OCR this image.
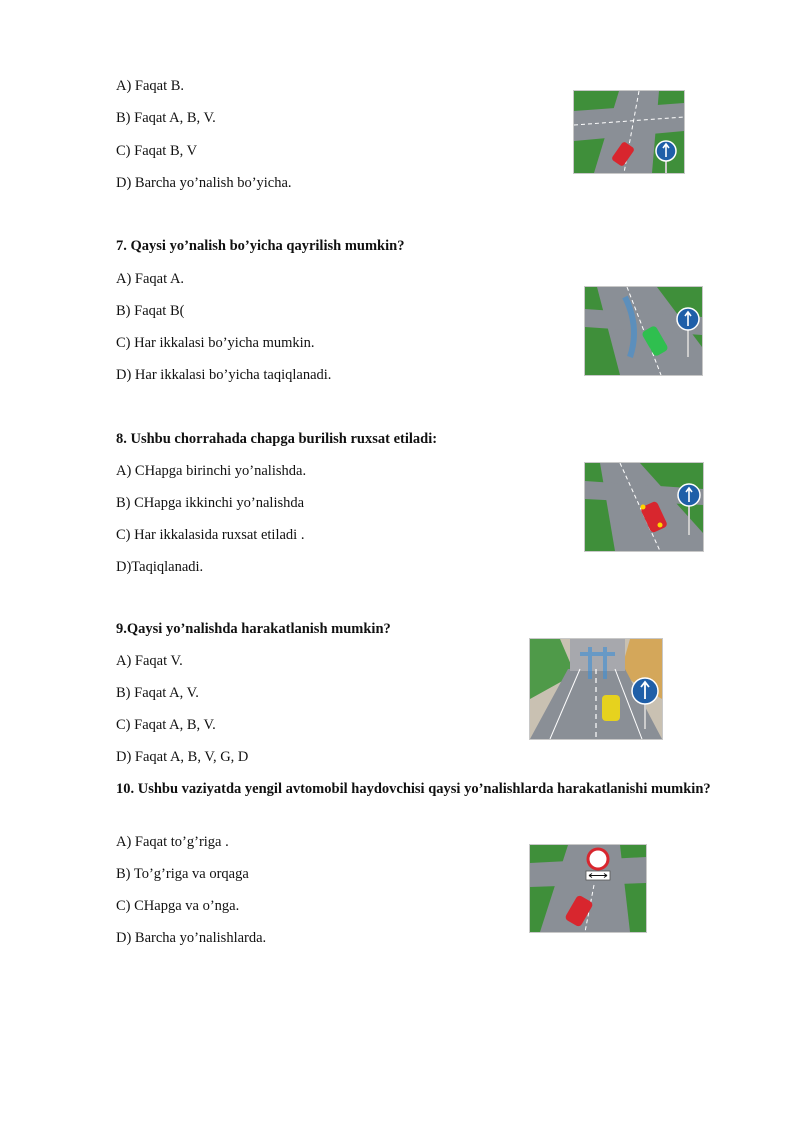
A) Faqat B.
B) Faqat A, B, V.
C) Faqat B, V
D) Barcha yo’nalish bo’yicha.
7. Qaysi yo’nalish bo’yicha qayrilish mumkin?
A) Faqat A.
B) Faqat B(
C) Har ikkalasi bo’yicha mumkin.
D) Har ikkalasi bo’yicha taqiqlanadi.
8. Ushbu chorrahada chapga burilish ruxsat etiladi:
A) CHapga birinchi yo’nalishda.
B) CHapga ikkinchi yo’nalishda
C) Har ikkalasida ruxsat etiladi .
D)Taqiqlanadi.
9.Qaysi yo’nalishda harakatlanish mumkin?
A) Faqat V.
B) Faqat A, V.
C) Faqat A, B, V.
D) Faqat A, B, V, G, D
10. Ushbu vaziyatda yengil avtomobil haydovchisi qaysi yo’nalishlarda harakatlanishi mumkin?
A) Faqat to’g’riga .
B) To’g’riga va orqaga
C) CHapga va o’nga.
D) Barcha yo’nalishlarda.
